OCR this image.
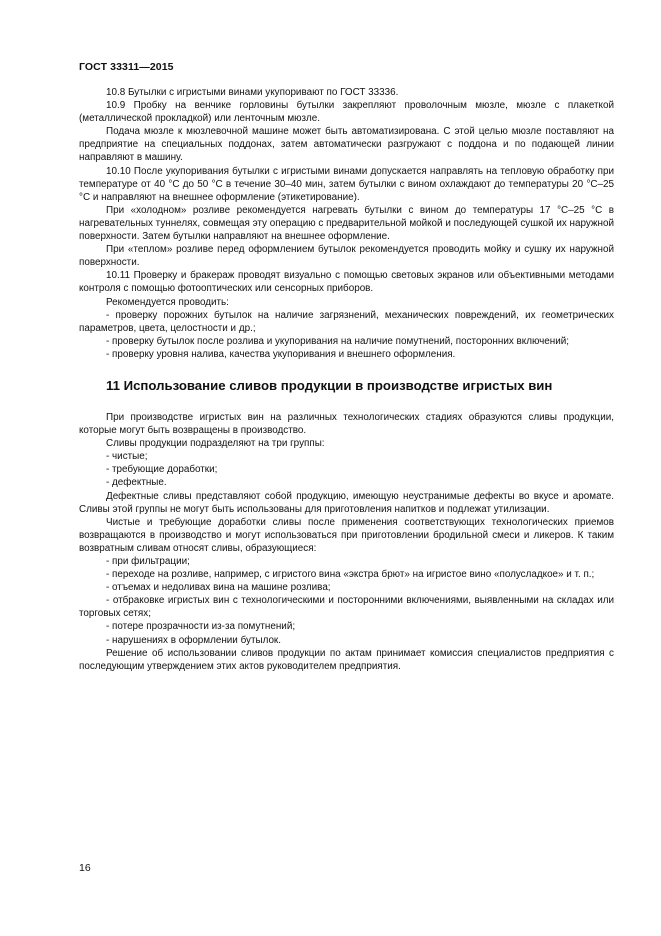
ГОСТ 33311—2015

10.8 Бутылки с игристыми винами укупоривают по ГОСТ 33336.

10.9 Пробку на венчике горловины бутылки закрепляют проволочным мюзле, мюзле с плакеткой (металлической прокладкой) или ленточным мюзле.

Подача мюзле к мюзлевочной машине может быть автоматизирована. С этой целью мюзле поставляют на предприятие на специальных поддонах, затем автоматически разгружают с поддона и по подающей линии направляют в машину.

10.10 После укупоривания бутылки с игристыми винами допускается направлять на тепловую обработку при температуре от 40 °С до 50 °С в течение 30–40 мин, затем бутылки с вином охлаждают до температуры 20 °С–25 °С и направляют на внешнее оформление (этикетирование).

При «холодном» розливе рекомендуется нагревать бутылки с вином до температуры 17 °С–25 °С в нагревательных туннелях, совмещая эту операцию с предварительной мойкой и последующей сушкой их наружной поверхности. Затем бутылки направляют на внешнее оформление.

При «теплом» розливе перед оформлением бутылок рекомендуется проводить мойку и сушку их наружной поверхности.

10.11 Проверку и бракераж проводят визуально с помощью световых экранов или объективными методами контроля с помощью фотооптических или сенсорных приборов.

Рекомендуется проводить:

- проверку порожних бутылок на наличие загрязнений, механических повреждений, их геометрических параметров, цвета, целостности и др.;

- проверку бутылок после розлива и укупоривания на наличие помутнений, посторонних включений;

- проверку уровня налива, качества укупоривания и внешнего оформления.

11 Использование сливов продукции в производстве игристых вин

При производстве игристых вин на различных технологических стадиях образуются сливы продукции, которые могут быть возвращены в производство.

Сливы продукции подразделяют на три группы:

- чистые;

- требующие доработки;

- дефектные.

Дефектные сливы представляют собой продукцию, имеющую неустранимые дефекты во вкусе и аромате. Сливы этой группы не могут быть использованы для приготовления напитков и подлежат утилизации.

Чистые и требующие доработки сливы после применения соответствующих технологических приемов возвращаются в производство и могут использоваться при приготовлении бродильной смеси и ликеров. К таким возвратным сливам относят сливы, образующиеся:

- при фильтрации;

- переходе на розливе, например, с игристого вина «экстра брют» на игристое вино «полусладкое» и т. п.;

- отъемах и недоливах вина на машине розлива;

- отбраковке игристых вин с технологическими и посторонними включениями, выявленными на складах или торговых сетях;

- потере прозрачности из-за помутнений;

- нарушениях в оформлении бутылок.

Решение об использовании сливов продукции по актам принимает комиссия специалистов предприятия с последующим утверждением этих актов руководителем предприятия.

16
